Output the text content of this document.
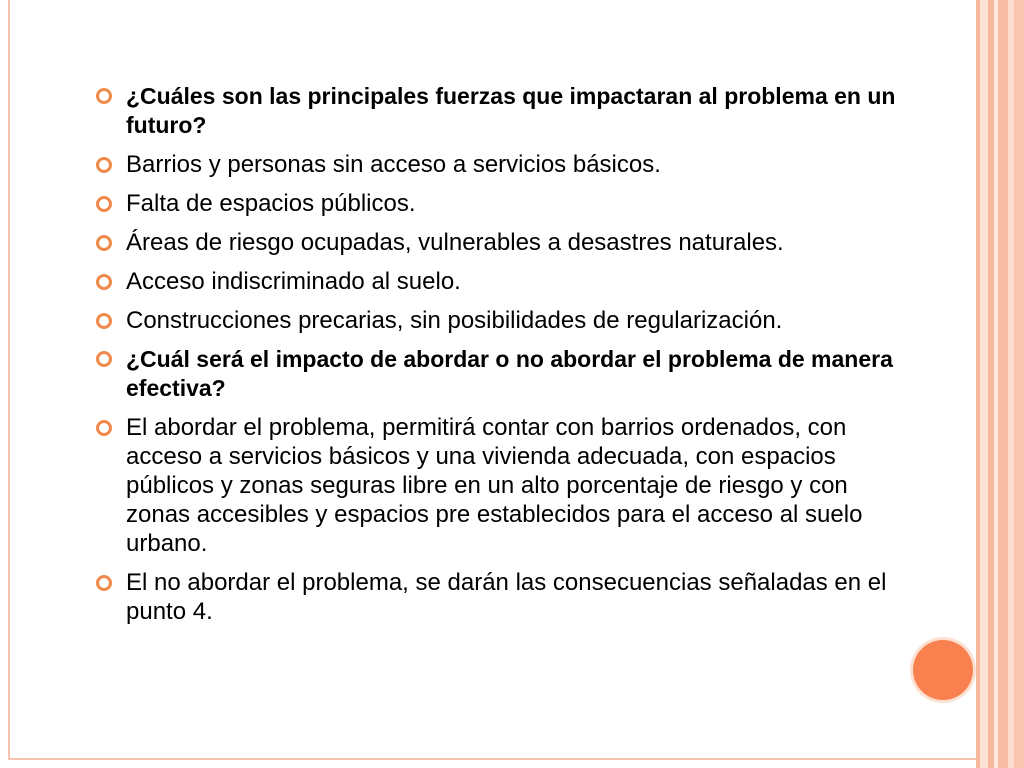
¿Cuáles son las principales fuerzas que impactaran al problema en un futuro?
Barrios y personas sin acceso a servicios básicos.
Falta de espacios públicos.
Áreas de riesgo ocupadas, vulnerables a desastres naturales.
Acceso indiscriminado al suelo.
Construcciones precarias, sin posibilidades de regularización.
¿Cuál será el impacto de abordar o no abordar el problema de manera efectiva?
El abordar el problema, permitirá contar con barrios ordenados, con acceso a servicios básicos y una vivienda adecuada, con espacios públicos y zonas seguras libre en un alto porcentaje de riesgo y con zonas accesibles y espacios pre establecidos para el acceso al suelo urbano.
El no abordar el problema, se darán las consecuencias señaladas en el punto 4.
